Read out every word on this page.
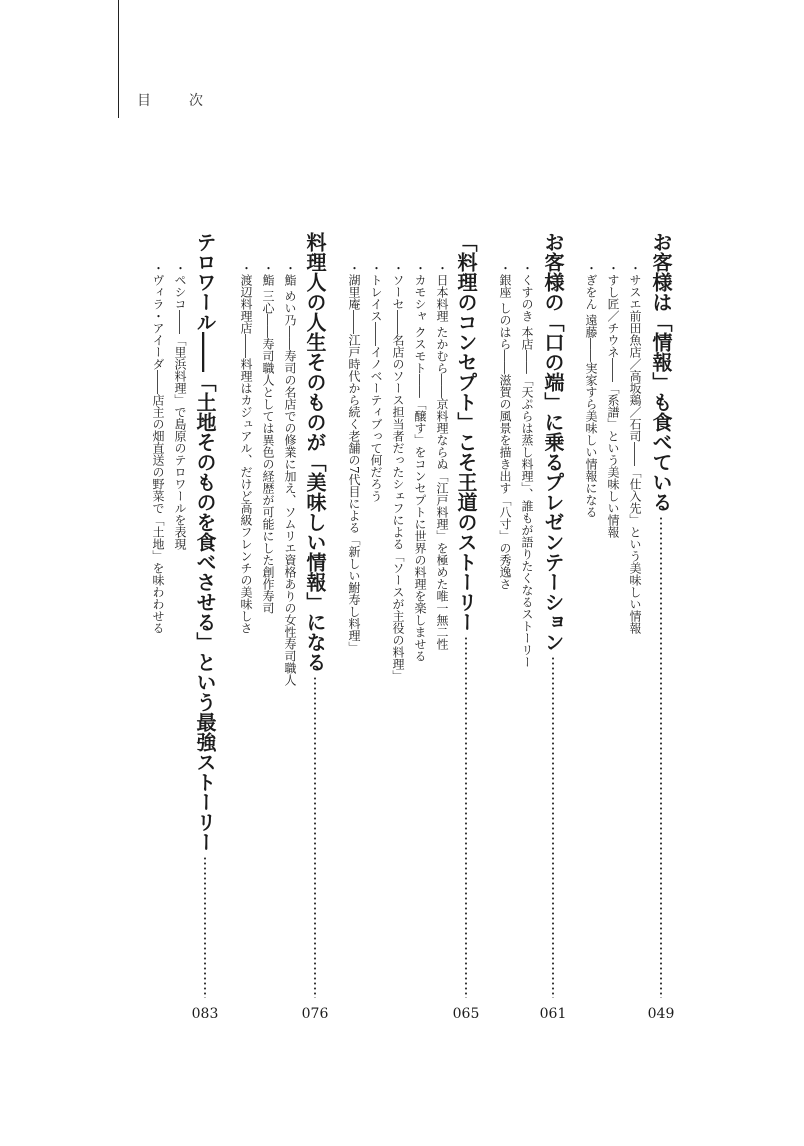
目　次
お客様は「情報」も食べている
049
・サスエ前田魚店／高坂鶏／石司――「仕入先」という美味しい情報
・すし匠／チウネ――「系譜」という美味しい情報
・ぎをん 遠藤――実家すら美味しい情報になる
お客様の「口の端」に乗るプレゼンテーション
061
・くすのき 本店――「天ぷらは蒸し料理」、誰もが語りたくなるストーリー
・銀座 しのはら――滋賀の風景を描き出す「八寸」の秀逸さ
「料理のコンセプト」こそ王道のストーリー
065
・日本料理 たかむら――京料理ならぬ「江戸料理」を極めた唯一無二性
・カモシャ クスモト――「醸す」をコンセプトに世界の料理を楽しませる
・ソーセ――名店のソース担当者だったシェフによる「ソースが主役の料理」
・トレイス――イノベーティブって何だろう
・湖里庵――江戸時代から続く老舗の7代目による「新しい鮒寿し料理」
料理人の人生そのものが「美味しい情報」になる
076
・鮨 めい乃――寿司の名店での修業に加え、ソムリエ資格ありの女性寿司職人
・鮨 三心――寿司職人としては異色の経歴が可能にした創作寿司
・渡辺料理店――料理はカジュアル、だけど高級フレンチの美味しさ
テロワール――「土地そのものを食べさせる」という最強ストーリー
083
・ペシコ――「里浜料理」で島原のテロワールを表現
・ヴィラ・アイーダ――店主の畑直送の野菜で「土地」を味わわせる
